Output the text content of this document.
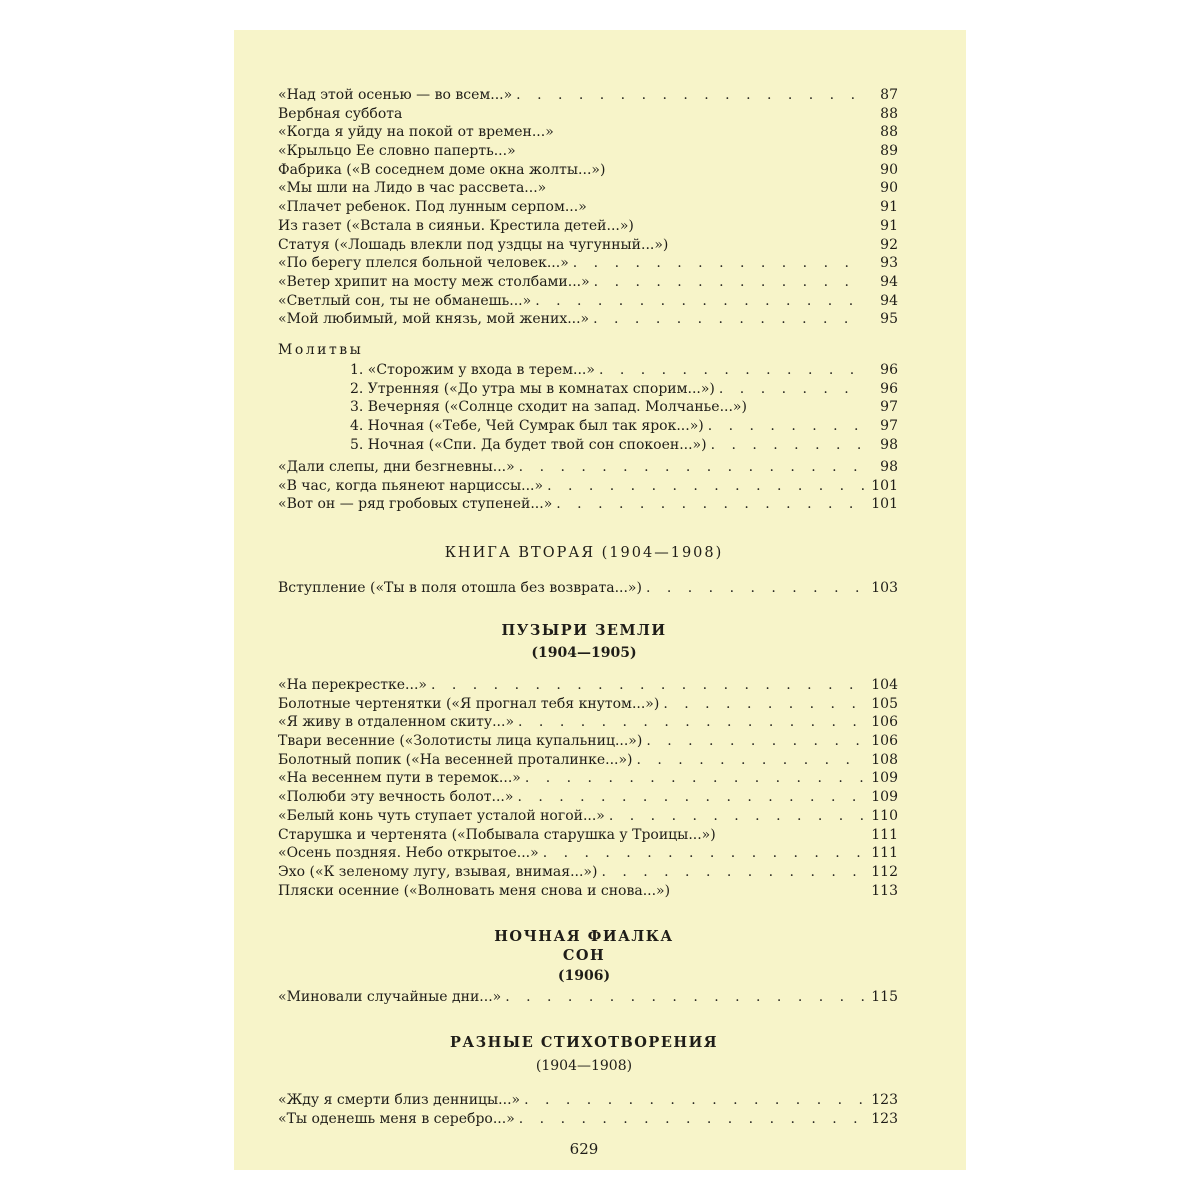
«Над этой осенью — во всем...» . . .	87
Вербная суббота	88
«Когда я уйду на покой от времен...»	88
«Крыльцо Ее словно паперть...»	89
Фабрика («В соседнем доме окна жолты...»)	90
«Мы шли на Лидо в час рассвета...»	90
«Плачет ребенок. Под лунным серпом...»	91
Из газет («Встала в сияньи. Крестила детей...»)	91
Статуя («Лошадь влекли под уздцы на чугунный...»)	92
«По берегу плелся больной человек...» . . .	93
«Ветер хрипит на мосту меж столбами...» . . .	94
«Светлый сон, ты не обманешь...» . . .	94
«Мой любимый, мой князь, мой жених...» . . .	95
Молитвы
1. «Сторожим у входа в терем...» . . .	96
2. Утренняя («До утра мы в комнатах спорим...») . . .	96
3. Вечерняя («Солнце сходит на запад. Молчанье...»)	97
4. Ночная («Тебе, Чей Сумрак был так ярок...») . . .	97
5. Ночная («Спи. Да будет твой сон спокоен...») . . .	98
«Дали слепы, дни безгневны...» . . .	98
«В час, когда пьянеют нарциссы...» . . .	101
«Вот он — ряд гробовых ступеней...» . . .	101
КНИГА ВТОРАЯ (1904—1908)
Вступление («Ты в поля отошла без возврата...») . . .	103
ПУЗЫРИ ЗЕМЛИ
(1904—1905)
«На перекрестке...» . . .	104
Болотные чертенятки («Я прогнал тебя кнутом...») . . .	105
«Я живу в отдаленном скиту...» . . .	106
Твари весенние («Золотисты лица купальниц...») . . .	106
Болотный попик («На весенней проталинке...») . . .	108
«На весеннем пути в теремок...» . . .	109
«Полюби эту вечность болот...» . . .	109
«Белый конь чуть ступает усталой ногой...» . . .	110
Старушка и чертенята («Побывала старушка у Троицы...»)	111
«Осень поздняя. Небо открытое...» . . .	111
Эхо («К зеленому лугу, взывая, внимая...») . . .	112
Пляски осенние («Волновать меня снова и снова...»)	113
НОЧНАЯ ФИАЛКА
СОН
(1906)
«Миновали случайные дни...» . . .	115
РАЗНЫЕ СТИХОТВОРЕНИЯ
(1904—1908)
«Жду я смерти близ денницы...» . . .	123
«Ты оденешь меня в серебро...» . . .	123
629
